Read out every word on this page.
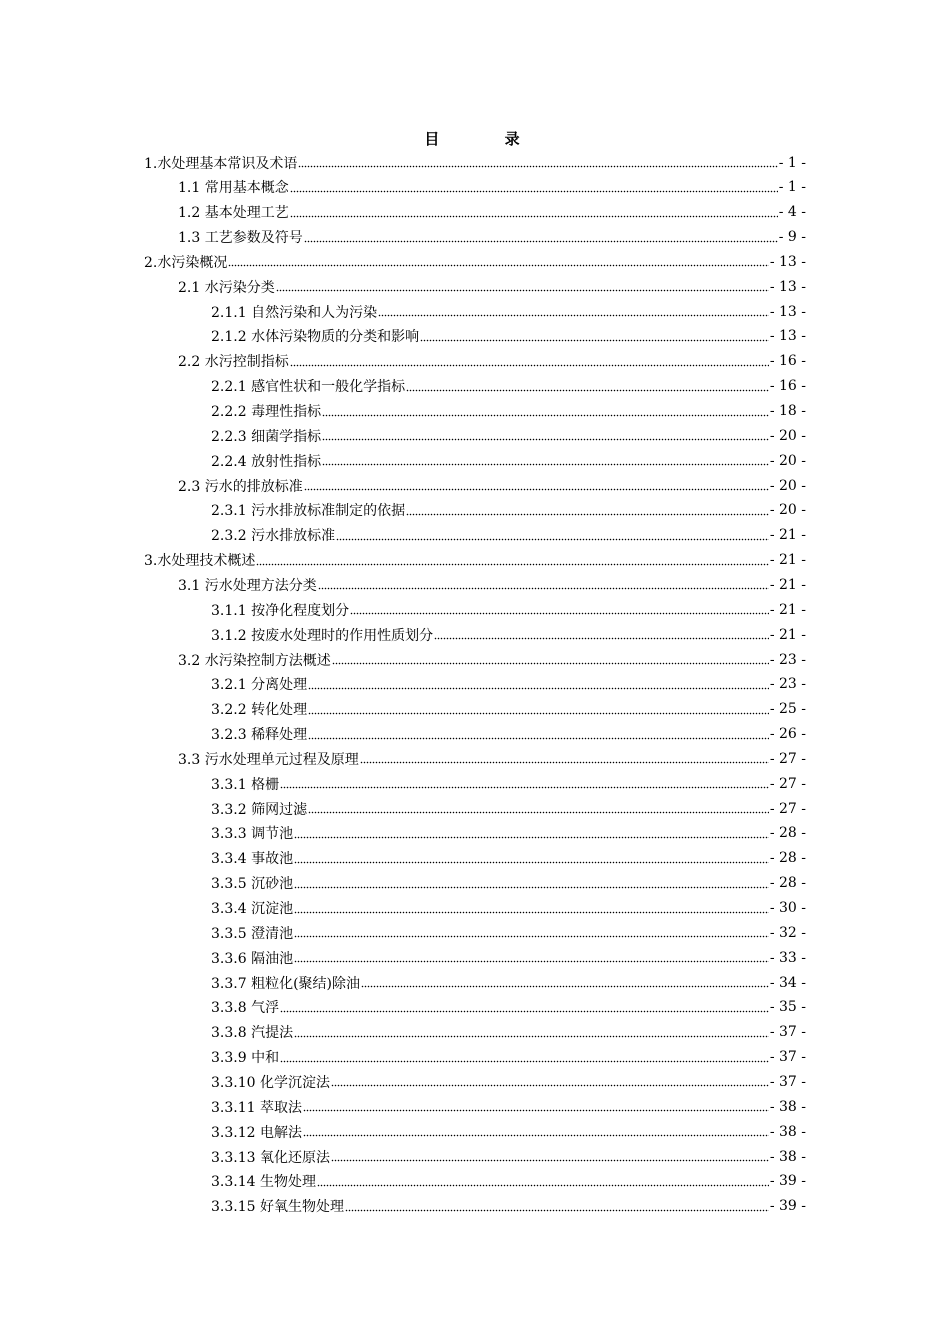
目 录
1.水处理基本常识及术语	- 1 -
1.1 常用基本概念	- 1 -
1.2 基本处理工艺	- 4 -
1.3 工艺参数及符号	- 9 -
2.水污染概况	- 13 -
2.1 水污染分类	- 13 -
2.1.1 自然污染和人为污染	- 13 -
2.1.2 水体污染物质的分类和影响	- 13 -
2.2 水污控制指标	- 16 -
2.2.1 感官性状和一般化学指标	- 16 -
2.2.2 毒理性指标	- 18 -
2.2.3 细菌学指标	- 20 -
2.2.4 放射性指标	- 20 -
2.3 污水的排放标准	- 20 -
2.3.1 污水排放标准制定的依据	- 20 -
2.3.2 污水排放标准	- 21 -
3.水处理技术概述	- 21 -
3.1 污水处理方法分类	- 21 -
3.1.1 按净化程度划分	- 21 -
3.1.2 按废水处理时的作用性质划分	- 21 -
3.2 水污染控制方法概述	- 23 -
3.2.1 分离处理	- 23 -
3.2.2 转化处理	- 25 -
3.2.3 稀释处理	- 26 -
3.3 污水处理单元过程及原理	- 27 -
3.3.1 格栅	- 27 -
3.3.2 筛网过滤	- 27 -
3.3.3 调节池	- 28 -
3.3.4 事故池	- 28 -
3.3.5 沉砂池	- 28 -
3.3.4 沉淀池	- 30 -
3.3.5 澄清池	- 32 -
3.3.6 隔油池	- 33 -
3.3.7 粗粒化(聚结)除油	- 34 -
3.3.8 气浮	- 35 -
3.3.8 汽提法	- 37 -
3.3.9 中和	- 37 -
3.3.10 化学沉淀法	- 37 -
3.3.11 萃取法	- 38 -
3.3.12 电解法	- 38 -
3.3.13 氧化还原法	- 38 -
3.3.14 生物处理	- 39 -
3.3.15 好氧生物处理	- 39 -
